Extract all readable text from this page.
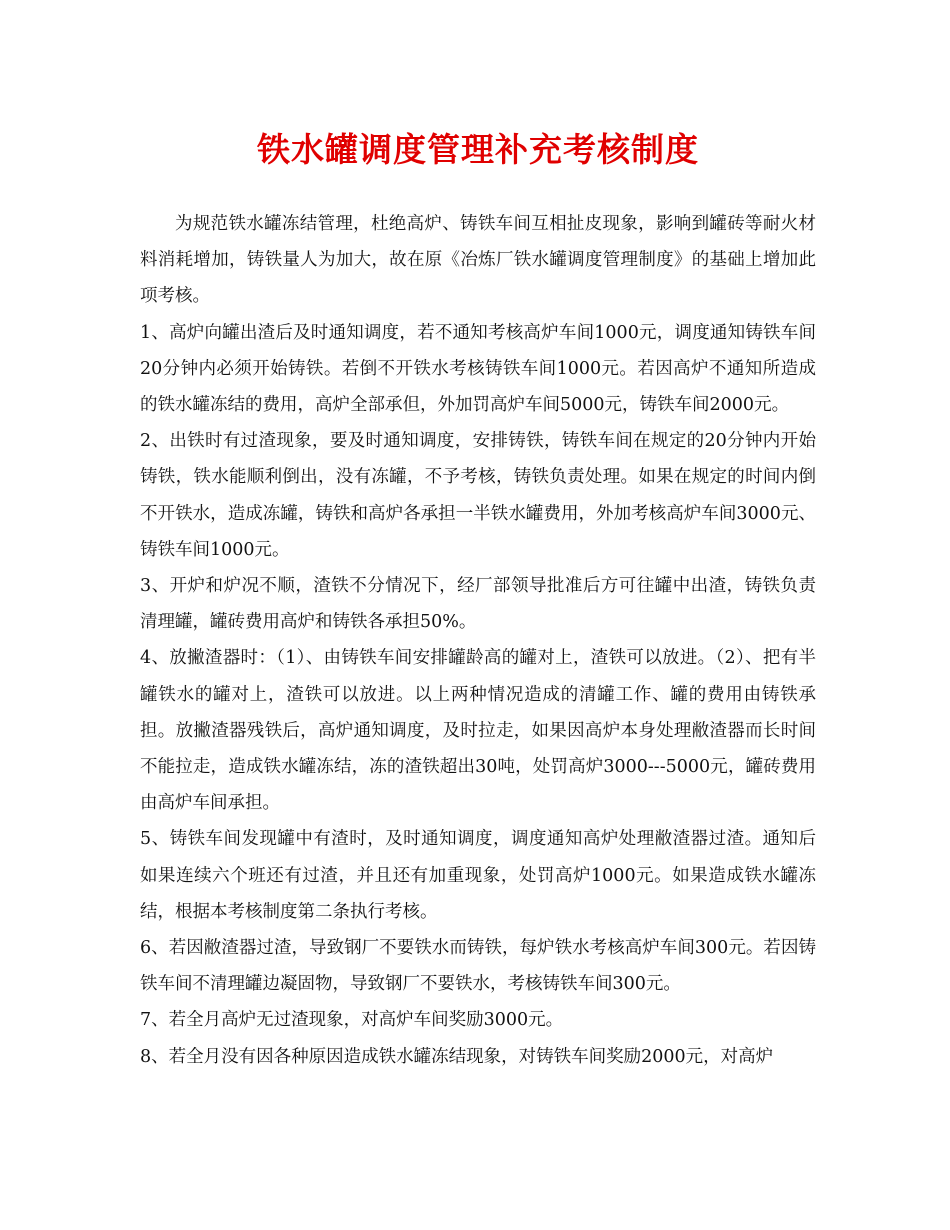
铁水罐调度管理补充考核制度

为规范铁水罐冻结管理，杜绝高炉、铸铁车间互相扯皮现象，影响到罐砖等耐火材料消耗增加，铸铁量人为加大，故在原《冶炼厂铁水罐调度管理制度》的基础上增加此项考核。

1、高炉向罐出渣后及时通知调度，若不通知考核高炉车间1000元，调度通知铸铁车间20分钟内必须开始铸铁。若倒不开铁水考核铸铁车间1000元。若因高炉不通知所造成的铁水罐冻结的费用，高炉全部承但，外加罚高炉车间5000元，铸铁车间2000元。

2、出铁时有过渣现象，要及时通知调度，安排铸铁，铸铁车间在规定的20分钟内开始铸铁，铁水能顺利倒出，没有冻罐，不予考核，铸铁负责处理。如果在规定的时间内倒不开铁水，造成冻罐，铸铁和高炉各承担一半铁水罐费用，外加考核高炉车间3000元、铸铁车间1000元。

3、开炉和炉况不顺，渣铁不分情况下，经厂部领导批准后方可往罐中出渣，铸铁负责清理罐，罐砖费用高炉和铸铁各承担50%。

4、放撇渣器时：（1）、由铸铁车间安排罐龄高的罐对上，渣铁可以放进。（2）、把有半罐铁水的罐对上，渣铁可以放进。以上两种情况造成的清罐工作、罐的费用由铸铁承担。放撇渣器残铁后，高炉通知调度，及时拉走，如果因高炉本身处理敝渣器而长时间不能拉走，造成铁水罐冻结，冻的渣铁超出30吨，处罚高炉3000---5000元，罐砖费用由高炉车间承担。

5、铸铁车间发现罐中有渣时，及时通知调度，调度通知高炉处理敝渣器过渣。通知后如果连续六个班还有过渣，并且还有加重现象，处罚高炉1000元。如果造成铁水罐冻结，根据本考核制度第二条执行考核。

6、若因敝渣器过渣，导致钢厂不要铁水而铸铁，每炉铁水考核高炉车间300元。若因铸铁车间不清理罐边凝固物，导致钢厂不要铁水，考核铸铁车间300元。

7、若全月高炉无过渣现象，对高炉车间奖励3000元。

8、若全月没有因各种原因造成铁水罐冻结现象，对铸铁车间奖励2000元，对高炉
